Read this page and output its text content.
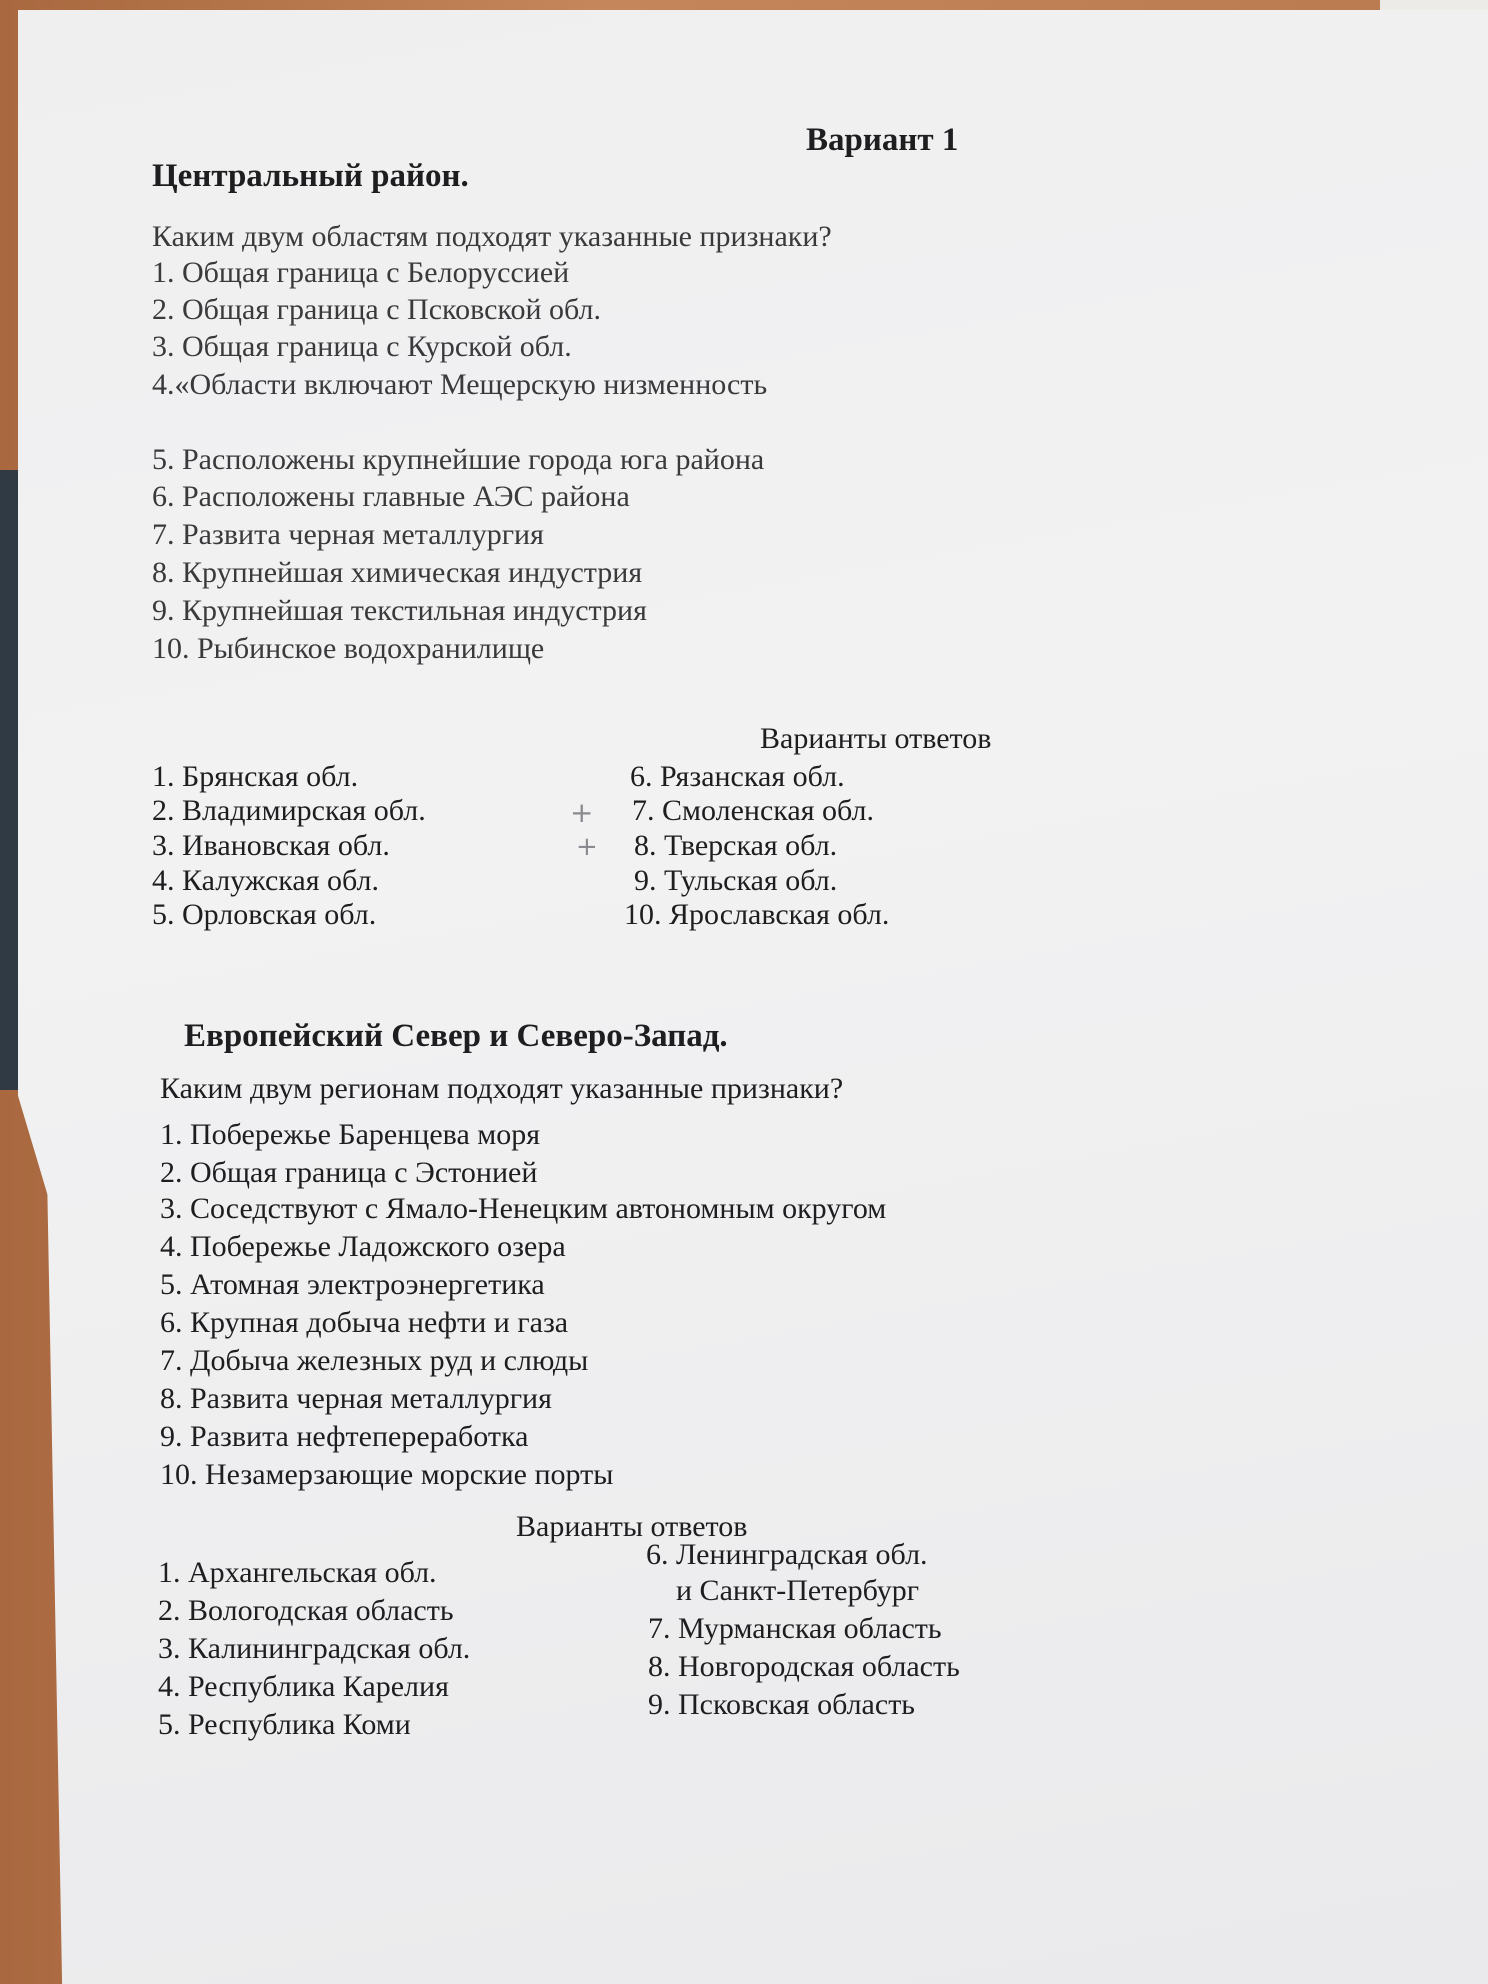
Вариант 1
Центральный район.
Каким двум областям подходят указанные признаки?
1. Общая граница с Белоруссией
2. Общая граница с Псковской обл.
3. Общая граница с Курской обл.
4.«Области включают Мещерскую низменность
5. Расположены крупнейшие города юга района
6. Расположены главные АЭС района
7. Развита черная металлургия
8. Крупнейшая химическая индустрия
9. Крупнейшая текстильная индустрия
10. Рыбинское водохранилище
Варианты ответов
1. Брянская обл.
2. Владимирская обл.
3. Ивановская обл.
4. Калужская обл.
5. Орловская обл.
6. Рязанская обл.
7. Смоленская обл.
8. Тверская обл.
9. Тульская обл.
10. Ярославская обл.
+
+
Европейский Север и Северо-Запад.
Каким двум регионам подходят указанные признаки?
1. Побережье Баренцева моря
2. Общая граница с Эстонией
3. Соседствуют с Ямало-Ненецким автономным округом
4. Побережье Ладожского озера
5. Атомная электроэнергетика
6. Крупная добыча нефти и газа
7. Добыча железных руд и слюды
8. Развита черная металлургия
9. Развита нефтепереработка
10. Незамерзающие морские порты
Варианты ответов
1. Архангельская обл.
2. Вологодская область
3. Калининградская обл.
4. Республика Карелия
5. Республика Коми
6. Ленинградская обл.
и Санкт-Петербург
7. Мурманская область
8. Новгородская область
9. Псковская область
